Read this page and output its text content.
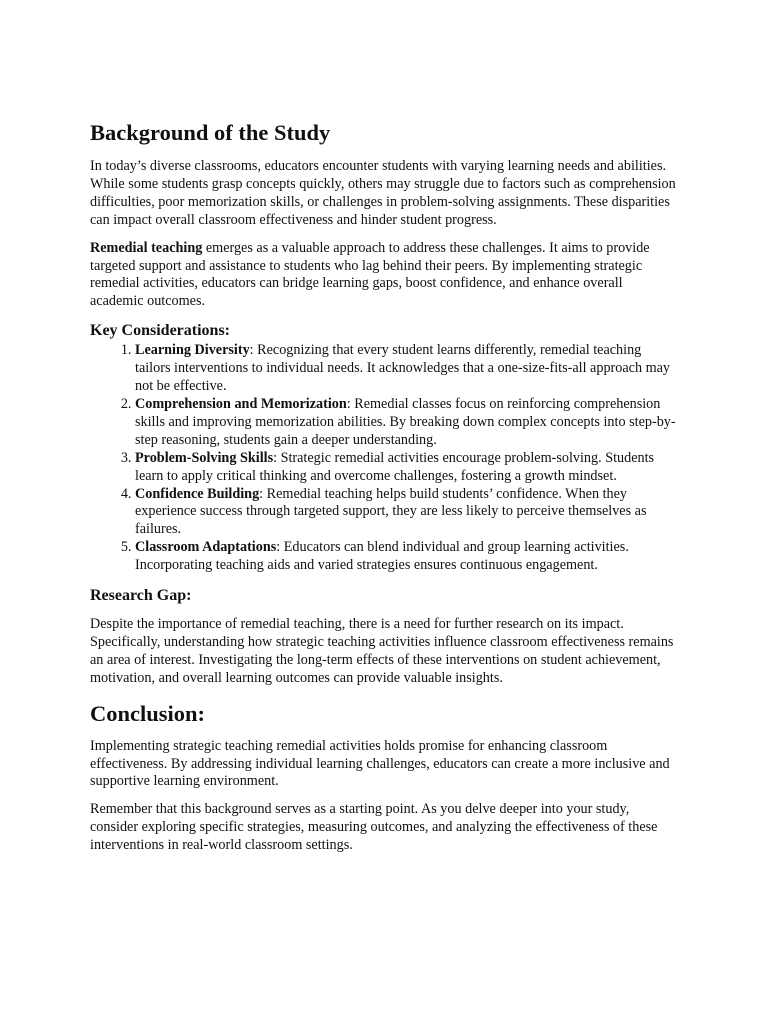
Background of the Study

In today’s diverse classrooms, educators encounter students with varying learning needs and abilities. While some students grasp concepts quickly, others may struggle due to factors such as comprehension difficulties, poor memorization skills, or challenges in problem-solving assignments. These disparities can impact overall classroom effectiveness and hinder student progress.

Remedial teaching emerges as a valuable approach to address these challenges. It aims to provide targeted support and assistance to students who lag behind their peers. By implementing strategic remedial activities, educators can bridge learning gaps, boost confidence, and enhance overall academic outcomes.

Key Considerations:
1. Learning Diversity: Recognizing that every student learns differently, remedial teaching tailors interventions to individual needs. It acknowledges that a one-size-fits-all approach may not be effective.
2. Comprehension and Memorization: Remedial classes focus on reinforcing comprehension skills and improving memorization abilities. By breaking down complex concepts into step-by-step reasoning, students gain a deeper understanding.
3. Problem-Solving Skills: Strategic remedial activities encourage problem-solving. Students learn to apply critical thinking and overcome challenges, fostering a growth mindset.
4. Confidence Building: Remedial teaching helps build students’ confidence. When they experience success through targeted support, they are less likely to perceive themselves as failures.
5. Classroom Adaptations: Educators can blend individual and group learning activities. Incorporating teaching aids and varied strategies ensures continuous engagement.
Research Gap:

Despite the importance of remedial teaching, there is a need for further research on its impact. Specifically, understanding how strategic teaching activities influence classroom effectiveness remains an area of interest. Investigating the long-term effects of these interventions on student achievement, motivation, and overall learning outcomes can provide valuable insights.

Conclusion:

Implementing strategic teaching remedial activities holds promise for enhancing classroom effectiveness. By addressing individual learning challenges, educators can create a more inclusive and supportive learning environment.

Remember that this background serves as a starting point. As you delve deeper into your study, consider exploring specific strategies, measuring outcomes, and analyzing the effectiveness of these interventions in real-world classroom settings.
